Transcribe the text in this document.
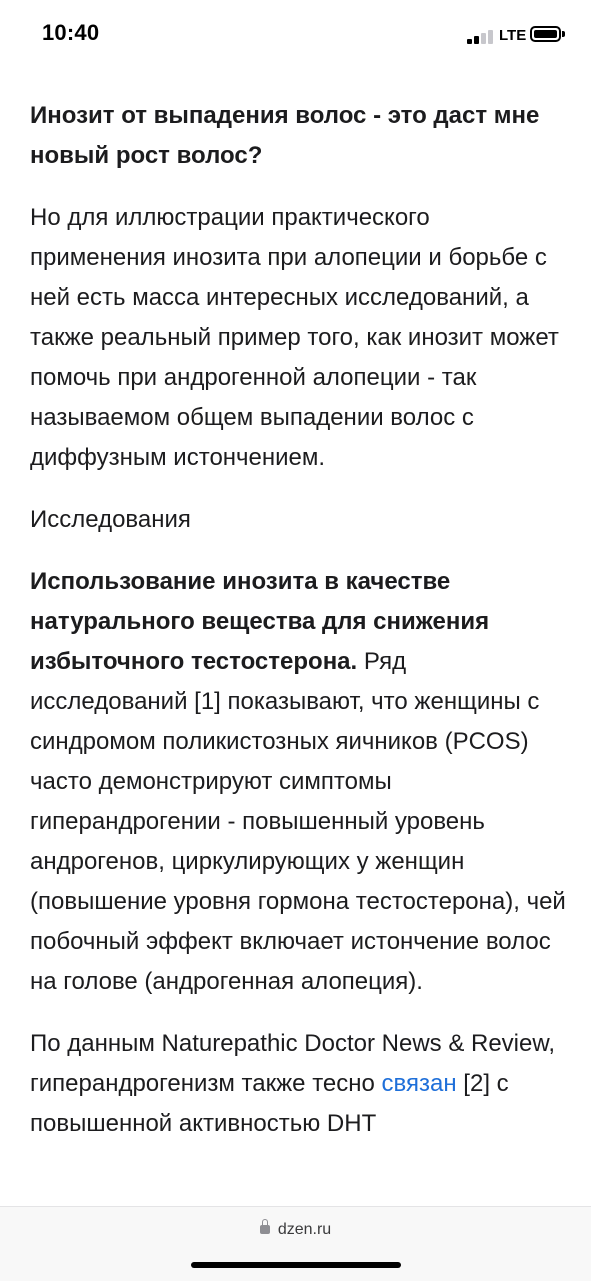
10:40	LTE
Инозит от выпадения волос - это даст мне новый рост волос?

Но для иллюстрации практического применения инозита при алопеции и борьбе с ней есть масса интересных исследований, а также реальный пример того, как инозит может помочь при андрогенной алопеции - так называемом общем выпадении волос с диффузным истончением.

Исследования

Использование инозита в качестве натурального вещества для снижения избыточного тестостерона. Ряд исследований [1] показывают, что женщины с синдромом поликистозных яичников (PCOS) часто демонстрируют симптомы гиперандрогении - повышенный уровень андрогенов, циркулирующих у женщин (повышение уровня гормона тестостерона), чей побочный эффект включает истончение волос на голове (андрогенная алопеция).

По данным Naturepathic Doctor News & Review, гиперандрогенизм также тесно связан [2] с повышенной активностью DHT

dzen.ru
